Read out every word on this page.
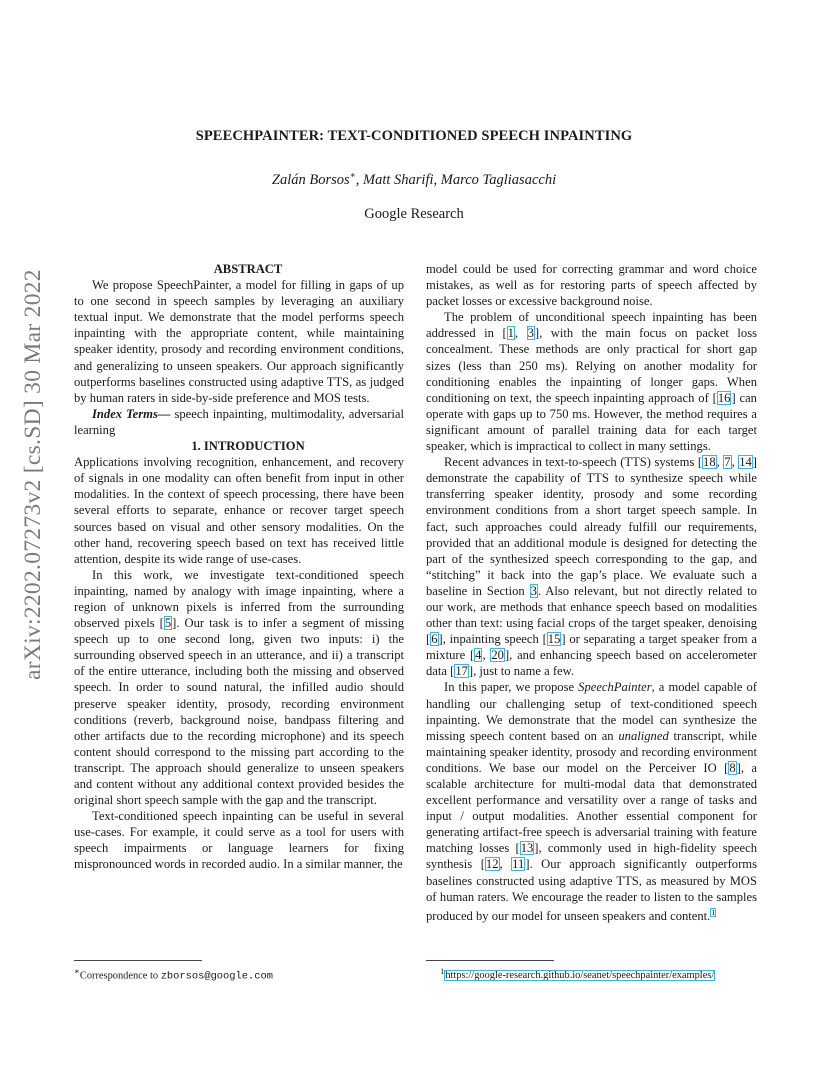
arXiv:2202.07273v2 [cs.SD] 30 Mar 2022
SPEECHPAINTER: TEXT-CONDITIONED SPEECH INPAINTING
Zalán Borsos∗, Matt Sharifi, Marco Tagliasacchi
Google Research

ABSTRACT

We propose SpeechPainter, a model for filling in gaps of up to one second in speech samples by leveraging an auxiliary textual input. We demonstrate that the model performs speech inpainting with the appropriate content, while maintaining speaker identity, prosody and recording environment conditions, and generalizing to unseen speakers. Our approach significantly outperforms baselines constructed using adaptive TTS, as judged by human raters in side-by-side preference and MOS tests.

Index Terms— speech inpainting, multimodality, adversarial learning

1. INTRODUCTION

Applications involving recognition, enhancement, and recovery of signals in one modality can often benefit from input in other modalities. In the context of speech processing, there have been several efforts to separate, enhance or recover target speech sources based on visual and other sensory modalities. On the other hand, recovering speech based on text has received little attention, despite its wide range of use-cases.

In this work, we investigate text-conditioned speech inpainting, named by analogy with image inpainting, where a region of unknown pixels is inferred from the surrounding observed pixels [5]. Our task is to infer a segment of missing speech up to one second long, given two inputs: i) the surrounding observed speech in an utterance, and ii) a transcript of the entire utterance, including both the missing and observed speech. In order to sound natural, the infilled audio should preserve speaker identity, prosody, recording environment conditions (reverb, background noise, bandpass filtering and other artifacts due to the recording microphone) and its speech content should correspond to the missing part according to the transcript. The approach should generalize to unseen speakers and content without any additional context provided besides the original short speech sample with the gap and the transcript.

Text-conditioned speech inpainting can be useful in several use-cases. For example, it could serve as a tool for users with speech impairments or language learners for fixing mispronounced words in recorded audio. In a similar manner, the

model could be used for correcting grammar and word choice mistakes, as well as for restoring parts of speech affected by packet losses or excessive background noise.

The problem of unconditional speech inpainting has been addressed in [1, 3], with the main focus on packet loss concealment. These methods are only practical for short gap sizes (less than 250 ms). Relying on another modality for conditioning enables the inpainting of longer gaps. When conditioning on text, the speech inpainting approach of [16] can operate with gaps up to 750 ms. However, the method requires a significant amount of parallel training data for each target speaker, which is impractical to collect in many settings.

Recent advances in text-to-speech (TTS) systems [18, 7, 14] demonstrate the capability of TTS to synthesize speech while transferring speaker identity, prosody and some recording environment conditions from a short target speech sample. In fact, such approaches could already fulfill our requirements, provided that an additional module is designed for detecting the part of the synthesized speech corresponding to the gap, and “stitching” it back into the gap’s place. We evaluate such a baseline in Section 3. Also relevant, but not directly related to our work, are methods that enhance speech based on modalities other than text: using facial crops of the target speaker, denoising [6], inpainting speech [15] or separating a target speaker from a mixture [4, 20], and enhancing speech based on accelerometer data [17], just to name a few.

In this paper, we propose SpeechPainter, a model capable of handling our challenging setup of text-conditioned speech inpainting. We demonstrate that the model can synthesize the missing speech content based on an unaligned transcript, while maintaining speaker identity, prosody and recording environment conditions. We base our model on the Perceiver IO [8], a scalable architecture for multi-modal data that demonstrated excellent performance and versatility over a range of tasks and input / output modalities. Another essential component for generating artifact-free speech is adversarial training with feature matching losses [13], commonly used in high-fidelity speech synthesis [12, 11]. Our approach significantly outperforms baselines constructed using adaptive TTS, as measured by MOS of human raters. We encourage the reader to listen to the samples produced by our model for unseen speakers and content.$^1$

∗Correspondence to zborsos@google.com	$^1$https://google-research.github.io/seanet/speechpainter/examples/
